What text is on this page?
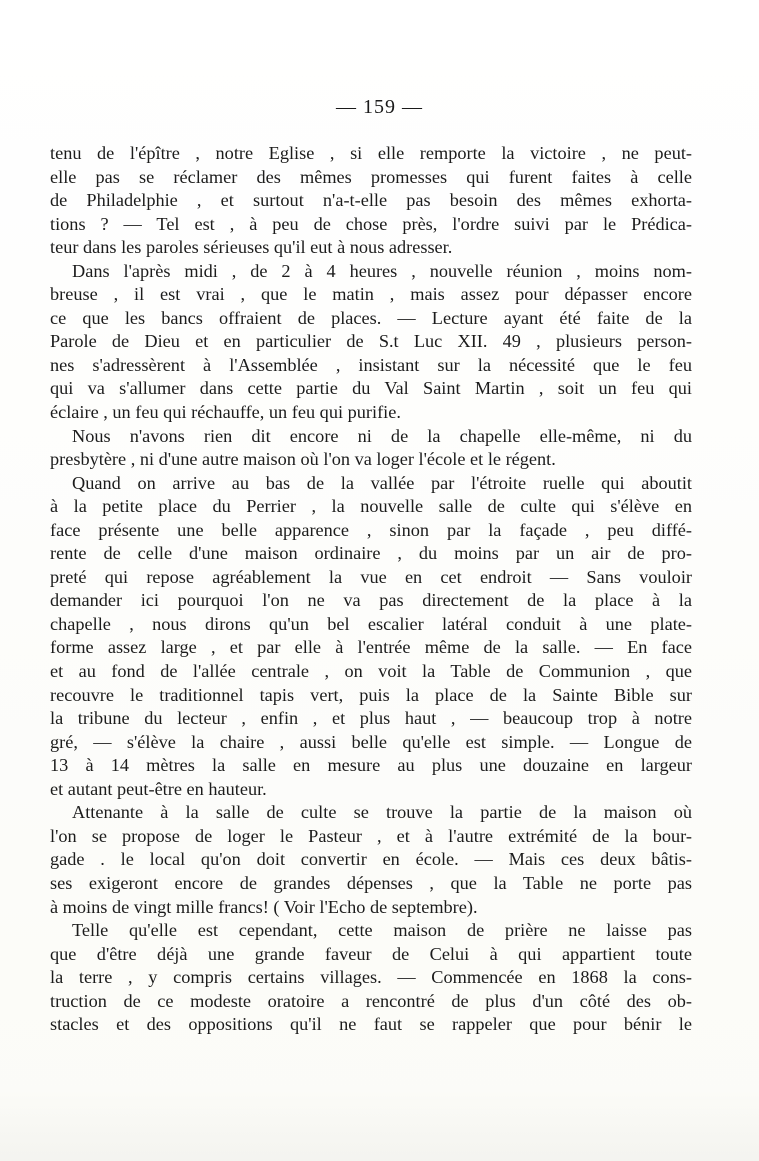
— 159 —
tenu de l'épître , notre Eglise , si elle remporte la victoire , ne peut-
elle pas se réclamer des mêmes promesses qui furent faites à celle
de Philadelphie , et surtout n'a-t-elle pas besoin des mêmes exhorta-
tions ? — Tel est , à peu de chose près, l'ordre suivi par le Prédica-
teur dans les paroles sérieuses qu'il eut à nous adresser.
Dans l'après midi , de 2 à 4 heures , nouvelle réunion , moins nom-
breuse , il est vrai , que le matin , mais assez pour dépasser encore
ce que les bancs offraient de places. — Lecture ayant été faite de la
Parole de Dieu et en particulier de S.t Luc XII. 49 , plusieurs person-
nes s'adressèrent à l'Assemblée , insistant sur la nécessité que le feu
qui va s'allumer dans cette partie du Val Saint Martin , soit un feu qui
éclaire , un feu qui réchauffe, un feu qui purifie.
Nous n'avons rien dit encore ni de la chapelle elle-même, ni du
presbytère , ni d'une autre maison où l'on va loger l'école et le régent.
Quand on arrive au bas de la vallée par l'étroite ruelle qui aboutit
à la petite place du Perrier , la nouvelle salle de culte qui s'élève en
face présente une belle apparence , sinon par la façade , peu diffé-
rente de celle d'une maison ordinaire , du moins par un air de pro-
preté qui repose agréablement la vue en cet endroit — Sans vouloir
demander ici pourquoi l'on ne va pas directement de la place à la
chapelle , nous dirons qu'un bel escalier latéral conduit à une plate-
forme assez large , et par elle à l'entrée même de la salle. — En face
et au fond de l'allée centrale , on voit la Table de Communion , que
recouvre le traditionnel tapis vert, puis la place de la Sainte Bible sur
la tribune du lecteur , enfin , et plus haut , — beaucoup trop à notre
gré, — s'élève la chaire , aussi belle qu'elle est simple. — Longue de
13 à 14 mètres la salle en mesure au plus une douzaine en largeur
et autant peut-être en hauteur.
Attenante à la salle de culte se trouve la partie de la maison où
l'on se propose de loger le Pasteur , et à l'autre extrémité de la bour-
gade . le local qu'on doit convertir en école. — Mais ces deux bâtis-
ses exigeront encore de grandes dépenses , que la Table ne porte pas
à moins de vingt mille francs! ( Voir l'Echo de septembre).
Telle qu'elle est cependant, cette maison de prière ne laisse pas
que d'être déjà une grande faveur de Celui à qui appartient toute
la terre , y compris certains villages. — Commencée en 1868 la cons-
truction de ce modeste oratoire a rencontré de plus d'un côté des ob-
stacles et des oppositions qu'il ne faut se rappeler que pour bénir le
